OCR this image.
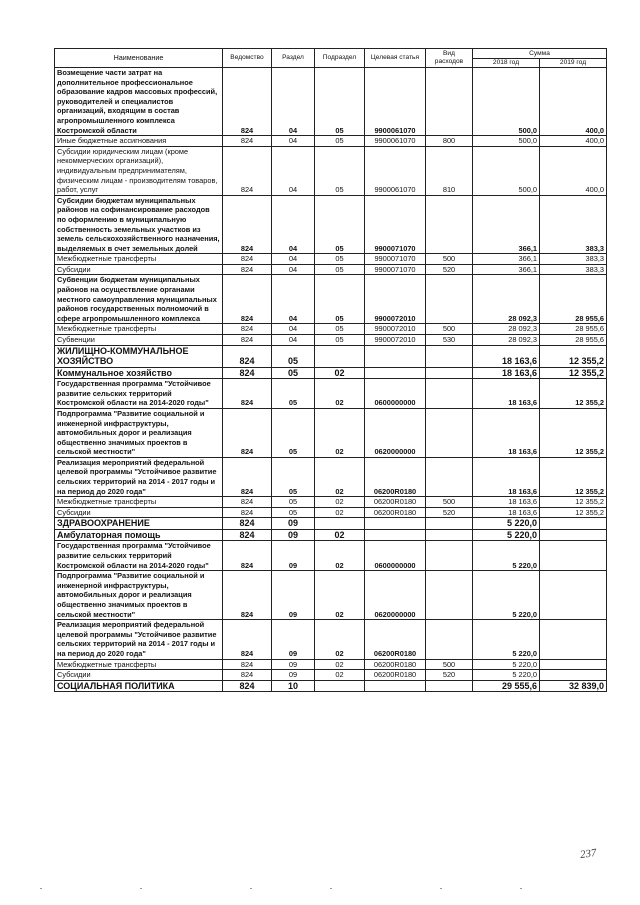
Наименование	Ведомство	Раздел	Подраздел	Целевая статья	Вид расходов	Сумма	
						2018 год	2019 год
Возмещение части затрат на дополнительное профессиональное образование кадров массовых профессий, руководителей и специалистов организаций, входящим в состав агропромышленного комплекса Костромской области	824	04	05	9900061070		500,0	400,0
Иные бюджетные ассигнования	824	04	05	9900061070	800	500,0	400,0
Субсидии юридическим лицам (кроме некоммерческих организаций), индивидуальным предпринимателям, физическим лицам - производителям товаров, работ, услуг	824	04	05	9900061070	810	500,0	400,0
Субсидии бюджетам муниципальных районов на софинансирование расходов по оформлению в муниципальную собственность земельных участков из земель сельскохозяйственного назначения, выделяемых в счет земельных долей	824	04	05	9900071070		366,1	383,3
Межбюджетные трансферты	824	04	05	9900071070	500	366,1	383,3
Субсидии	824	04	05	9900071070	520	366,1	383,3
Субвенции бюджетам муниципальных районов на осуществление органами местного самоуправления муниципальных районов государственных полномочий в сфере агропромышленного комплекса	824	04	05	9900072010		28 092,3	28 955,6
Межбюджетные трансферты	824	04	05	9900072010	500	28 092,3	28 955,6
Субвенции	824	04	05	9900072010	530	28 092,3	28 955,6
ЖИЛИЩНО-КОММУНАЛЬНОЕ ХОЗЯЙСТВО	824	05				18 163,6	12 355,2
Коммунальное хозяйство	824	05	02			18 163,6	12 355,2
Государственная программа "Устойчивое развитие сельских территорий Костромской области на 2014-2020 годы"	824	05	02	0600000000		18 163,6	12 355,2
Подпрограмма "Развитие социальной и инженерной инфраструктуры, автомобильных дорог и реализация общественно значимых проектов в сельской местности"	824	05	02	0620000000		18 163,6	12 355,2
Реализация мероприятий федеральной целевой программы "Устойчивое развитие сельских территорий на 2014 - 2017 годы и на период до 2020 года"	824	05	02	06200R0180		18 163,6	12 355,2
Межбюджетные трансферты	824	05	02	06200R0180	500	18 163,6	12 355,2
Субсидии	824	05	02	06200R0180	520	18 163,6	12 355,2
ЗДРАВООХРАНЕНИЕ	824	09				5 220,0	
Амбулаторная помощь	824	09	02			5 220,0	
Государственная программа "Устойчивое развитие сельских территорий Костромской области на 2014-2020 годы"	824	09	02	0600000000		5 220,0	
Подпрограмма "Развитие социальной и инженерной инфраструктуры, автомобильных дорог и реализация общественно значимых проектов в сельской местности"	824	09	02	0620000000		5 220,0	
Реализация мероприятий федеральной целевой программы "Устойчивое развитие сельских территорий на 2014 - 2017 годы и на период до 2020 года"	824	09	02	06200R0180		5 220,0	
Межбюджетные трансферты	824	09	02	06200R0180	500	5 220,0	
Субсидии	824	09	02	06200R0180	520	5 220,0	
СОЦИАЛЬНАЯ ПОЛИТИКА	824	10				29 555,6	32 839,0
237
